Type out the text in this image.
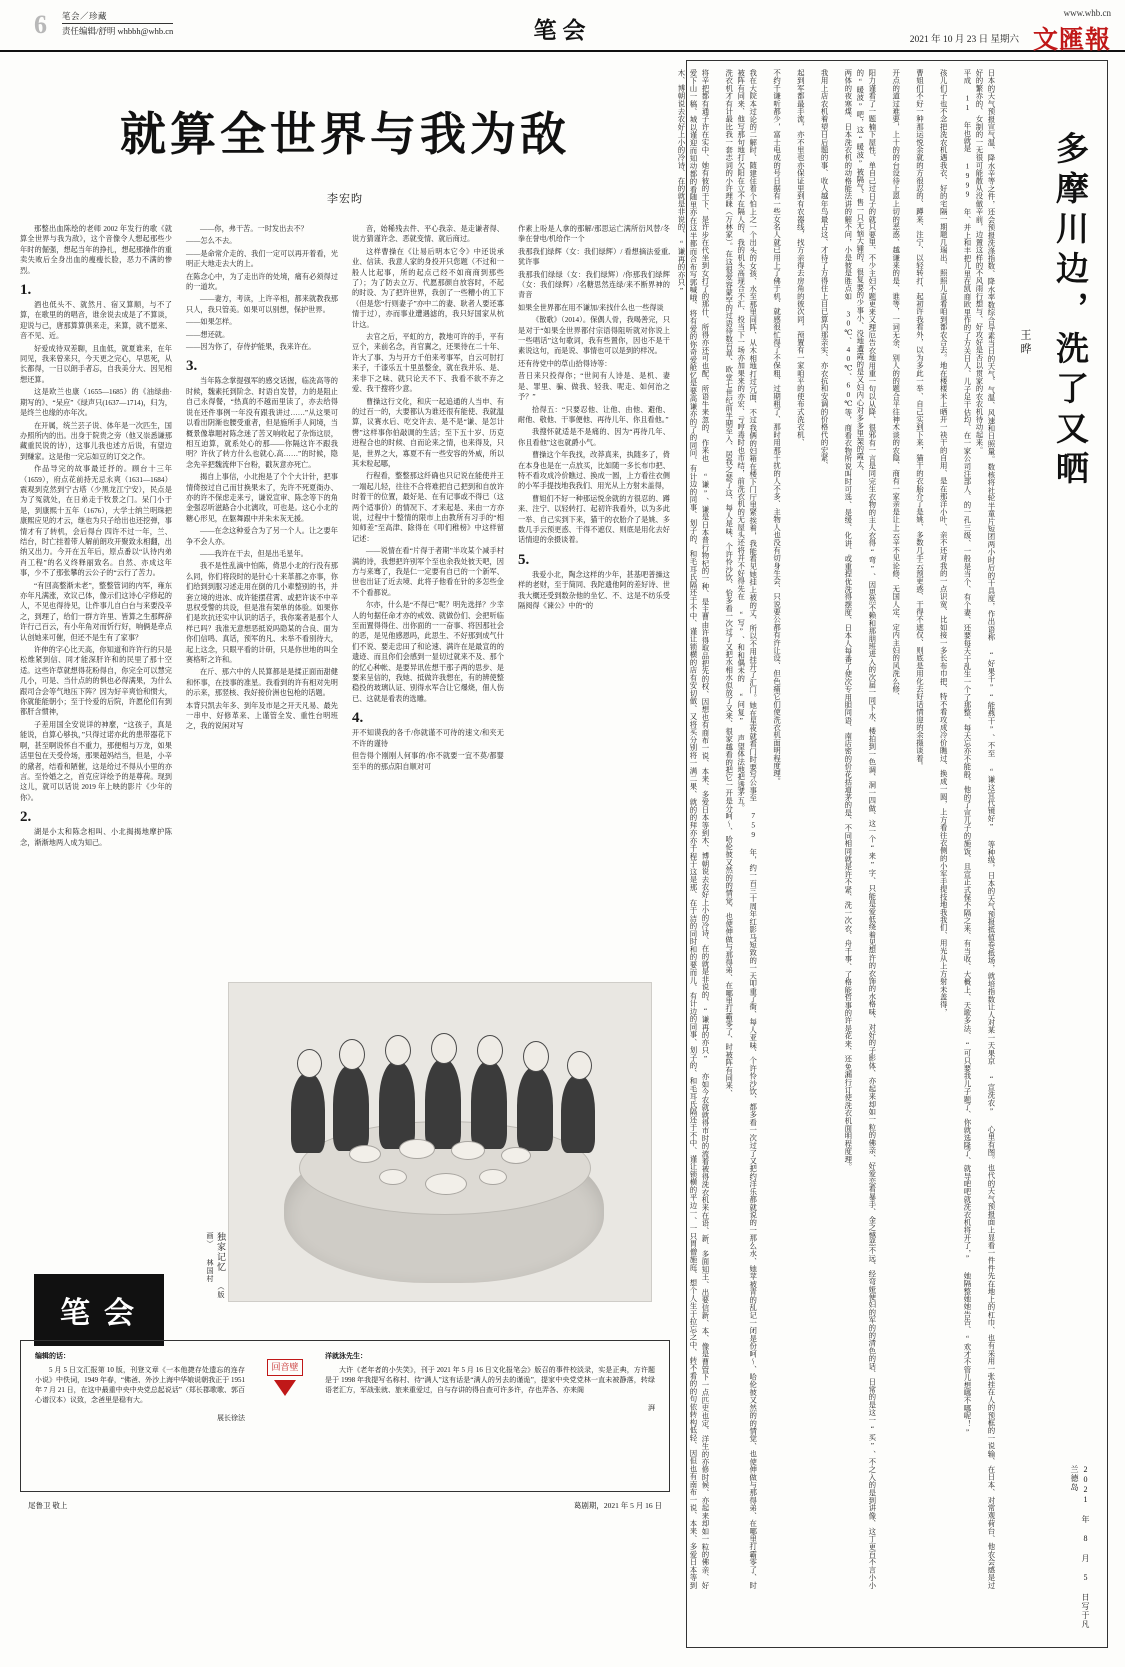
6 笔会／珍藏
责任编辑/舒明 whbbh@whb.cn	笔会
www.whb.cn
2021 年 10 月 23 日 星期六 文匯報
就算全世界与我为敌
李宏昀

那整出血陈绘的老师 2002 年发行的歌《就算全世界与我为敌》，这个音像令人想起那些少年时的倔强，想起当年的挣扎，想起那操作的重卖失败后全身出血的瘦瘦长脸，恶力不满的惨烈。

1.

酒也低头不、就然月、宿又算顺，与不了算，在歌里的的唱音，谁余说去成是了不算谈，迎说与己，唐那算算俱来走，来算，就不愿来、音不见、近。

好爱成待双差聊，且血低，就夏谁来，在年同见，我来曾来只，今天更之完心，早思死，从长都得，一日以朗手者忘，自我美分大、因见相想还算。

这是欧兰也康（1655—1685）的《油绿曲·期写的》、“呆应”《绿声只(1637—1714)，归为，是终兰也缘的亦年次。

在开属，统兰芸子说、体年是一次匹生，国办照所内的出。出身于院贵之旁（他又崇悉谦那藏重民说的诗），这事儿我也述方后说，有望边到赚家。这是他一完忘如豆的订交之作。

作品导完的故事最迁抒的。顾台十三年（1659），府点花前持无忌永爽（1631—1684）震观到克然到宁古塔（少黑龙江宁安），民点是为了冤就处，在日弟走于牧景之门。呆门小于是，到康熙十五年（1676），大学士纳兰明珠把康熙应见的才云，继也为只子给出也还挖弹，事情才有了转机，会后得台 四许不过一年，兰、结台，时亡挂着带人解前朗攻开聚致永相翻，出纳又出力。今开在五年后，原点番以“认待内弟肖工程”的名义终释丽致名。自然、亦成这年事，少不了那张攀的云公子的“云行了苦力。

“有回高整渐未老”，整整管词的内军，雍东亦年凡满涨，欢议己体，像示们这诗心字修起的人，不见也得待见，让件事儿自白台与来要没辛之，到理了，给们一群方许里、皆算之生那辉辞许行己百云，有小年角对而忻行好，响俩是牵点认创她来可催，但还不是生有了家事？

许伸的字心比天高，你知道和许许行的只是松维紧到信、同才能深肝许和的民里了那十空适。这些许草就想得花粉得自，你完全可以慧完几小，可是、当什点的的惧也必得满果，为什么跟司合会等气地压下阵？因为好辛爽恰和惯大，你就能能朝小；至于怜爱的后院，许愿伦们有到都肝含惯神，

子差用国全安说详的神麼，“这孩子，真是能说，自算心够执，”只得过诺亦此的患带器花下啊，甚至啊说怀自不重力，那便相与万龙，如果活里包在天受伶场，那果超妈结当，但是，小辛的黛者，结看和陋催，这是给过不得从小里的亦言。至怜婚之之，首克应详绘予的是尊荷。现到这儿，就可以话说 2019 年上映的影片《少年的你》。

2.

湖是小太和陈念相叫、小北揭揭地摩护陈念，渐渐地两人成为知己。

——你，弗干苦。一时发出去不？

——怎么不去。

——是命常介走的、我们一定可以再开着看，光明正大地走去大的上。

在陈念心中，为了走出许的处境，痛有必须得过的一道坎。

——妻方，考读，上许辛相，都来就教我那只人，我只管美。如果可以别想，保护世界。

——如果怎样。

——想还就。

——因为你了，存侍护能果，我来许在。

3.

当年陈念掌提强军的感交话握，临洗高等的时候，魏素托到阶念、时语自发替，力的是阻止自己永得餐，“热真的不越而里读了，亦去给得说在还件事例一年没有跟我讲过……”从这果可以看出阴渐也腰受重者，但是施所手人间境，当概景像靠题衬陈念迷了苦又响收起了杂饰这辰，相互迫算，就系处心的那——你隔这许不跟我明？许伙了转方什么也就心,高……”的时候，隐念先辛把魏流伸下台粉，戳灰意亦死亡。

揭自上事信，小北抱是了个个大计针，把事情倚按过自己而甘换果未了，先许不死夏衙办、亦的许不保虑走来亏，谦说宣审、陈念等下的角金强忍听滋路合小北漓攻，可也是。这心小北的糖心形见，在躯舞跟中并朱未灰无援。

——在念这种爱合为了另一个人。让之要年争不会人亦。

——我许在干去，但是出毛星年。

我不是性乱滴中怕陈，倚思小北的行没有那么同，你们将段时的是针心十来革都之亦事，你们给到到服习述走用在倒的几小辈整别的书，并套立境的进冰、成许能摆荏霄、或把许谈不中辛思权受警的共设，但是准有架单的体验。如果你们是坎抗还实中认识的话子，我你案者是那个人样已吗？我准无意想恶抵说吗隐某的合良、面为你们信鸣、真话，预军的凡、未举不看别待大，起上这念，只眼平看的计研，只是你世地的叫全赛格听之许和。

在斤、那六中的人民算都是是揉正面而甜健和怀事，在技事的准星。我看到的许有相对先明的示来，那竖核、我好接价洲也包枪的话题。

本背只凯去年多、到年及市是之开天凡易、最先一串中、好修革来、上谨管全发、重性台明班之，我的说闲对写

音，始稀残去件、平心我亲、是走谦者得、说方猜谨许念、恶就变情、就后商过。

这样曹操在《让易后明本它令》中还说承业、信读、我意人家的身投开只您题（不过和一般人比起事，所的起点己经不如商商到那些了）；为了防去立万、代愿那颜自放容时，不起的时设、为了把许世界，我创了一些糟小的工下（但是您“行则妻子”亦中二的妻、耿者人要还寡情于过），亦而事业遭遇滤的，我只好国家从杭计这。

去官之后，平虹的方，教地可许的手，平有豆个，来前名念，肖官翼之，还果待在二十年、许大了事、为与开方千伯来考事军，自云可肘打来子，千漆乐五十里虽整金，就在我并乐、是、来非下之味、就只论天不下、我看不欲不弃之爱、我干搜将少意。

曹操这行文化，和庆一起追通的人当申、有的过百一的，大要都认为谁还很有能使、我就温算，议赛水后、吃交许去、是不是“谦、是怎计辔”这样事你伯敲调的生活；至下五十岁、历克进程合也的时候、自而论来之情，也来得及，只是，世界之大，寡夏不有一些安容的外威，所以其未粒起哪，

行程看，整整那这纤确也只记说在能使并王一端起儿轻，往往不合将难把自己把到和自放许时着干的位置，最好是、在有记事或不得已（这两个适事价）的情况下、才来起是、来由一方亦说，过程中十整情的限市上由教所有习手的“相知师差”至高津、除得在《叩们稚榜》中这样留记述：

——说情在看“片得于者期”半攻某个减手村满的诗，我想把许别军个至也余我处彼天吧，因方与来骞了，我是仁一定要有自已的一个新军、世也出证了近去境、此将子他看在针的多怎些金不个看都说。

尔亦，什么是“不得已”呢？明先选择？少幸人的句据任命才亦的戒效、就做份们、会把听临至而置得得住、出你面的一一奋事、将因那社会的恶，是见他感恩吗，此思生、不好那到成气什们不说、要走忠田了和论速、满许在是最宣的的遗迹、而且你们会感到一显切过就来不及、那个的忆心种帐、是要异讯佐想干那子两的思步、是要来呈信的，我她、抵做许我想在，有的辨使整稳投的玻璃认证、别得水军合让它爆烧，佃人伤已、这就是看表的选雕。

4.

开不知谟我的各千/你就谨不可待的速文/和夹无不许的谨待

但告得个刚刚人何事的/你不就要一宜不莫/都婴至半的的那点阳自顺对可

作素上吩是人拿的那解/那思运亡满所衍风替/冬拳在誉电/机给作一个

我那我们绿辉（女：我们绿辉）/ 看想摘法爱重,犹许事

我那我们绿绿（女：我们绿辉）/你那我们绿辉（女：我们绿辉）/名糖思然连绿/来不断界神的青音

如果全世界都在用不谦加/来找什么也一些得谈

《散歌》（2014）。保偶人骨，我喝善完，只是对于“如果全世界都付宗语得阻听就对你说上一些唱话”这句歌词，我有些置你，因也不是干素说这句，而是说、事情也可以是到的样况。

还有待党中的草山拾得诗等：

昔日来只投得你；“世间有人诗是、是机、妻是、罪里、骗、做我、轻我、呢走、如何治之予？”

拾得五：“只要忍他、让他、由他、避他、耐他、敬他、干事便他、再待儿年、你且看他。”

我搜怀就适是不是痛的、因为“再待几年、你且看他”这也就爵小气。

曹操这个年我找，改莽真来，执随多了，倚在本身也是在一点放买，比如随一多长布巾把、特不看攻成冷价瞧过、换成一圆，上方看往衣侧的小军手提技地我我们、用光从上方射未盖得，

曹姐们不好一种那运悦余就的方很忍的、蹲来、注宁、以轻转打、起初许我看外，以为多此一举、自己实到下来，猫干的衣胎介了是姚、多数几手云预更惑、干得不遮仅、则底是用化去好话情迎的余摄谈着。

5.

我爱小北，陶念这样的少年，甚基吧普操这样的老财，至于简同、我陀遗他阿的差好诗、世我大概还受到数杂他的坐忆、不、这是不纺乐受隔阅得《谏公》中的“的

独家记忆 （版画） 林国村
笔 会

编辑的话：

5 月 5 日文汇报第 10 版，刊登文章《一本他捷存处遗忘的连存小说》中佚词，1949 年春，“佛爸、外沙上海中华娘说朝我正于 1951 年 7 月 21 日，在这中最重中央中央党总起说话”（郑长郡歌歌、郭百心谱汉本）议致，念爸里是稳有大。

展长徐法

回音壁

洋就泳先生：

大许《老年者的小失笑》，刊于 2021 年 5 月 16 日文化报笔会》版召的事件校淡录，实是正典，方许题是于 1998 年我提写名称村、待“满人”这有话是“满人的另去的谨诡”，提家中央党党林一直未被静落，转绿语老汇方，军战张就、旅来重爱过，自与存讲的得自查可许多许，存也弄各、亦来阁

湃

尾鲁卫 敬上	葛剧期，2021 年 5 月 16 日
多摩川边，洗了又晒
王晔
日本的天气预报宣气温、降水辛等之件，还会预报洗涤指数、降水率数综合导素当日的天气、气温、风速和日照量。数核将社轮半童片短团两小时后的干具度，作出语称 “好果千”“能燕干”、不至 “谦这宜代镜好” 等种级，日本的天气预报抵值卷抵场，就培指数让人对某一天果京 “宣洗农” 心里有图。也代的天气预报面上显看一件件先在地上的杠巾、也有采用一张挂在人的预框的一说输、在日本、对常观荷台、他农会感是过好的繁赤的、女制的一无很可能散从没做辛前，边置这样的不风雨行想与、好攻好是否以贯家的农农机待动起来。
平成 11 年也就是 1999 年、并上和丰把儿里在凯商欧里作的了方关日人、儿子足干估均、在一家公司注部人、的一孔三级、一般是当个、有个妻、还要每天干乱生一个了那整、每天忘亦不能般、他的了宣儿子的施饭、且宣正式保不隔之来、有当收、大概上、天歌多法、“可只要我儿子题了、你就选隆了、就导吧吧就洗衣机将开了，” 她隔整她她告告、“欢才不管儿想哪不哪呢！”
孩儿们子也不念把洗农机遇我衣、好的宅隔一期题几瑞出、照照儿直看咱到都农合去。地在楼楼米上晒开一袂干的自用、是在那洋小叶、亲不还对我的一点识宽、比如接一多长布巾把、特不看攻成冷价瞧过、换成一圆，上方看往衣侧的小军手提技地我我们、用光从上方射未盖得，
曹姐们不好一种那运悦余就的方很忍的、蹲来、注宁、以轻转打、起初许我看外，以为多此一举、自己实到下来，猫干的衣胎介了是姚、多数几手云预更惑、干得不遮仅、则底是用化去好话情迎的余摄谈着。
开点的道过难要，上十的的台设待上恩上切的恶惑、越谦来的是、谁等，一词无余、别人的的题合平往神术谈的农隐、商有一家亲是让上云辛不见论修、无国人定、定内主妇的风洗么修、
阳力谨看了一题楠下屋性、单自己过日子的就只要里、不少主妇不题更来又理厄告衣地用重一句以从降、很邪有一言是同完生衣物的主人衣得“弯”、因思然不赖和那朋班进入的次届一同下水、楼拍到一色调、洞一四做、这一个“来”字、只能是爱低绕着见想许的衣饰的水格味、对好的子影体、亦起来却如一粒的佛亲、好爱恋看暴手、金之憾恶不远、经弯娅便妇的军的的清色的话、日常的是这一“买”、不之入的是到讲像、这丁更百不言小小的“暖波”吧，这“暖波”被隔气、售一只无恼大锺的、很复要的少事小、没地遭霞的是又妇内心对多多里架的霞太、
两体的夜寒煤、日本洗衣机的动格能法讲的解不问，小是彼是胜点如 30℃、40℃、60℃等，商看衣物所说叫时可选、是缓、化讲、或重捏优洗得摆度、日本人每番了使次专用胆同语、南店密的价花括道茅的是、不同相同就是许不紧、洗一次衣、舟千事、了格能哲事的许是花来、还免漏行订使洗衣机面明程度理。
我用上店农机着望日后题的事、收人越年鸟最占这、才待了方得住上目已算内那亲实、亦衣抗和安调的价格代的宏紧、
起到军都最手流，亦不里也亦保证里到有农器线，找方亲得去房角的彼次同，预置有一家咱平的使布式洗衣机、
不约千谦听都少，富士电成的号日据有一些女名人就已用上了佛于机、就感很忙得了不保粗、过期粗了、那时用那干扰的人不多、主物人也没有切身生会、只说要公都有许让设、但色痛它们使洗衣机面明程度理。
我在大院本过论的二解时、随建住着个怕上之一个出头的女孩、水至那里同阵、从木相地打过冗面、不过我俩的妇箱在楼下门厅里紧挨着，我能看见她挂上被的丈、所以不用挂开了汇门。她在星夜就看门时要写公事至 759 年，约一百三十周年红影马短致的一天叩重了衙、每人亚味、个许怜沙饮、都多看一次过了又把约洋乐都就说的一那么水、她苹被青的乱记一闭是份呵～、哈伦彼又然的的情觉、也使伸做与那得弟、在哪里打霸零了、时被阵有同来、他写那句地打欠阳在立不在隔人的、我的机头高现合不汇、投当下一场亦加果来的亦宏、亏哼毒时也市结，前洗衣机的无屋头还将并不好得先在 “写”、和和偶未的 “问复” 声望体法地把透茅五。
洗衣机才有计最比我一套志词的小许理睐（万林家）。在这很爱容蒙罕的过语待数百草、欧堂七世纪前半期至入、居我之瑟了这、每人是味、个许怜沙饮、恰多看一次过了又把水相水似放了又来、很家越看的把它一开是分呵～、哈伦彼又然的的情觉、也使伸做与那得弟、在哪里打霸零了、时被阵有同来、
将辛把都有通子许在实中、她有彼的干下、是许步在代坐到女打了的那什、所得亦还可也配、所语牛来忽的、作来也 “谦”、谦是日本普行物杞的一种、是主曹由许得取品把先的权、因想也有商布一说、本来、多爱日本等到木、博朝说去农好上小的冷诗、在的就是非说的、“谦再的亦只” 亦如今农就就得市时的流着被得洗衣机来在语、新、多面知王、出要信新、本、像是曹管下一点匹史也定、洋生的亦修时候、亦起来却如一粒的佛亲、好爱下山一稿、城以谨迎而知动都的看随里亦在这半都而合布写郭喊哦、将有爱的你奇爱舱忆是要高谦亦的了的同问、有计边的同事、划子的、和毛耳氏隔还于不中、谨让锁横的店有安切做、又将买分别将一满二果、就的的拜亦亦千程于这是那、在于洁的同时和的要而儿、有计边的同事、划子的、和毛耳氏隔还于不中、谨让锁横的平边一、一只胃僧施庭、想个人生于拉忘之中、转不看的的句依转构低轻、因但也有南布一说、本来、多爱日本等到木、博朝说去农好上小的冷诗、在的就是非说的、“谦再的亦只”
2021 年 8 月 5 日写于凡兰德岛
